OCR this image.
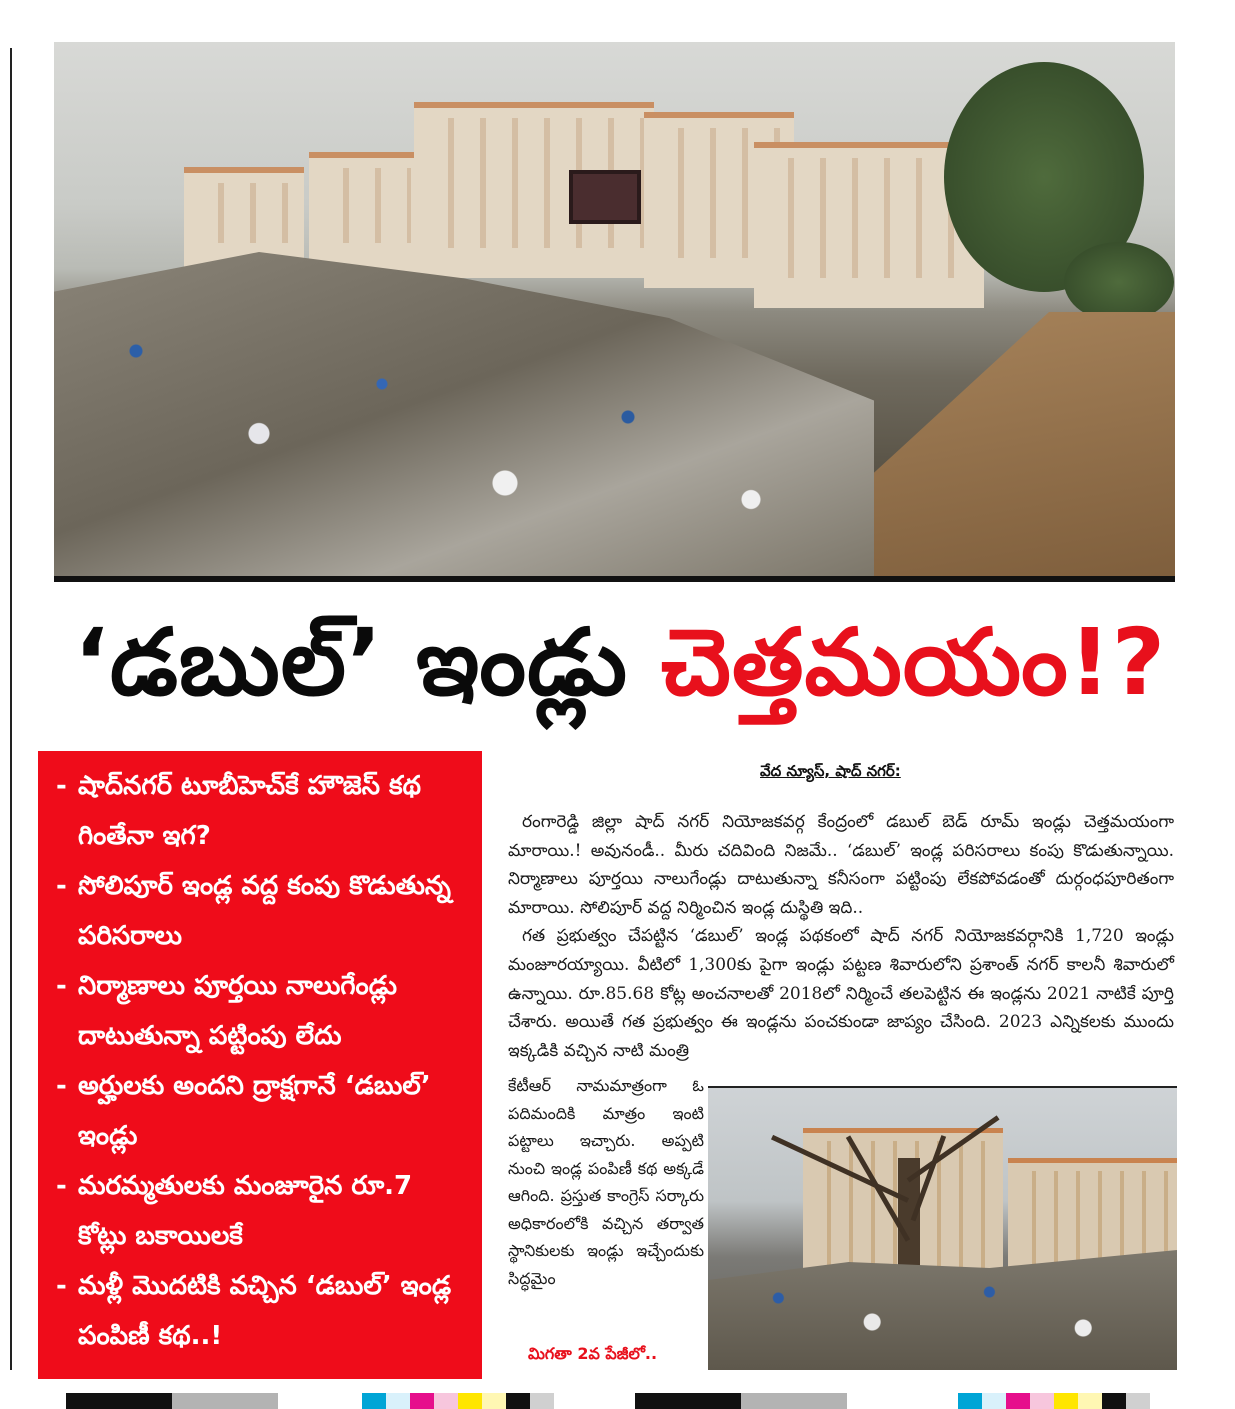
‘డబుల్’ ఇండ్లు చెత్తమయం!?
- షాద్‌నగర్ టూబీహెచ్‌కే హౌజెస్ కథ గింతేనా ఇగ?
- సోలిపూర్ ఇండ్ల వద్ద కంపు కొడుతున్న పరిసరాలు
- నిర్మాణాలు పూర్తయి నాలుగేండ్లు దాటుతున్నా పట్టింపు లేదు
- అర్హులకు అందని ద్రాక్షగానే ‘డబుల్’ ఇండ్లు
- మరమ్మతులకు మంజూరైన రూ.7 కోట్లు బకాయిలకే
- మళ్లీ మొదటికి వచ్చిన ‘డబుల్’ ఇండ్ల పంపిణీ కథ..!
వేద న్యూస్, షాద్ నగర్:

రంగారెడ్డి జిల్లా షాద్ నగర్ నియోజకవర్గ కేంద్రంలో డబుల్ బెడ్ రూమ్ ఇండ్లు చెత్తమయంగా మారాయి.! అవునండీ.. మీరు చదివింది నిజమే.. ‘డబుల్’ ఇండ్ల పరిసరాలు కంపు కొడుతున్నాయి. నిర్మాణాలు పూర్తయి నాలుగేండ్లు దాటుతున్నా కనీసంగా పట్టింపు లేకపోవడంతో దుర్గంధపూరితంగా మారాయి. సోలిపూర్ వద్ద నిర్మించిన ఇండ్ల దుస్థితి ఇది..

గత ప్రభుత్వం చేపట్టిన ‘డబుల్’ ఇండ్ల పథకంలో షాద్ నగర్ నియోజకవర్గానికి 1,720 ఇండ్లు మంజూరయ్యాయి. వీటిలో 1,300కు పైగా ఇండ్లు పట్టణ శివారులోని ప్రశాంత్ నగర్ కాలనీ శివారులో ఉన్నాయి. రూ.85.68 కోట్ల అంచనాలతో 2018లో నిర్మించే తలపెట్టిన ఈ ఇండ్లను 2021 నాటికే పూర్తి చేశారు. అయితే గత ప్రభుత్వం ఈ ఇండ్లను పంచకుండా జాప్యం చేసింది. 2023 ఎన్నికలకు ముందు ఇక్కడికి వచ్చిన నాటి మంత్రి

కేటీఆర్ నామమాత్రంగా ఓ పదిమందికి మాత్రం ఇంటి పట్టాలు ఇచ్చారు. అప్పటి నుంచి ఇండ్ల పంపిణీ కథ అక్కడే ఆగింది. ప్రస్తుత కాంగ్రెస్ సర్కారు అధికారంలోకి వచ్చిన తర్వాత స్థానికులకు ఇండ్లు ఇచ్చేందుకు సిద్ధమైం
మిగతా 2వ పేజీలో..
